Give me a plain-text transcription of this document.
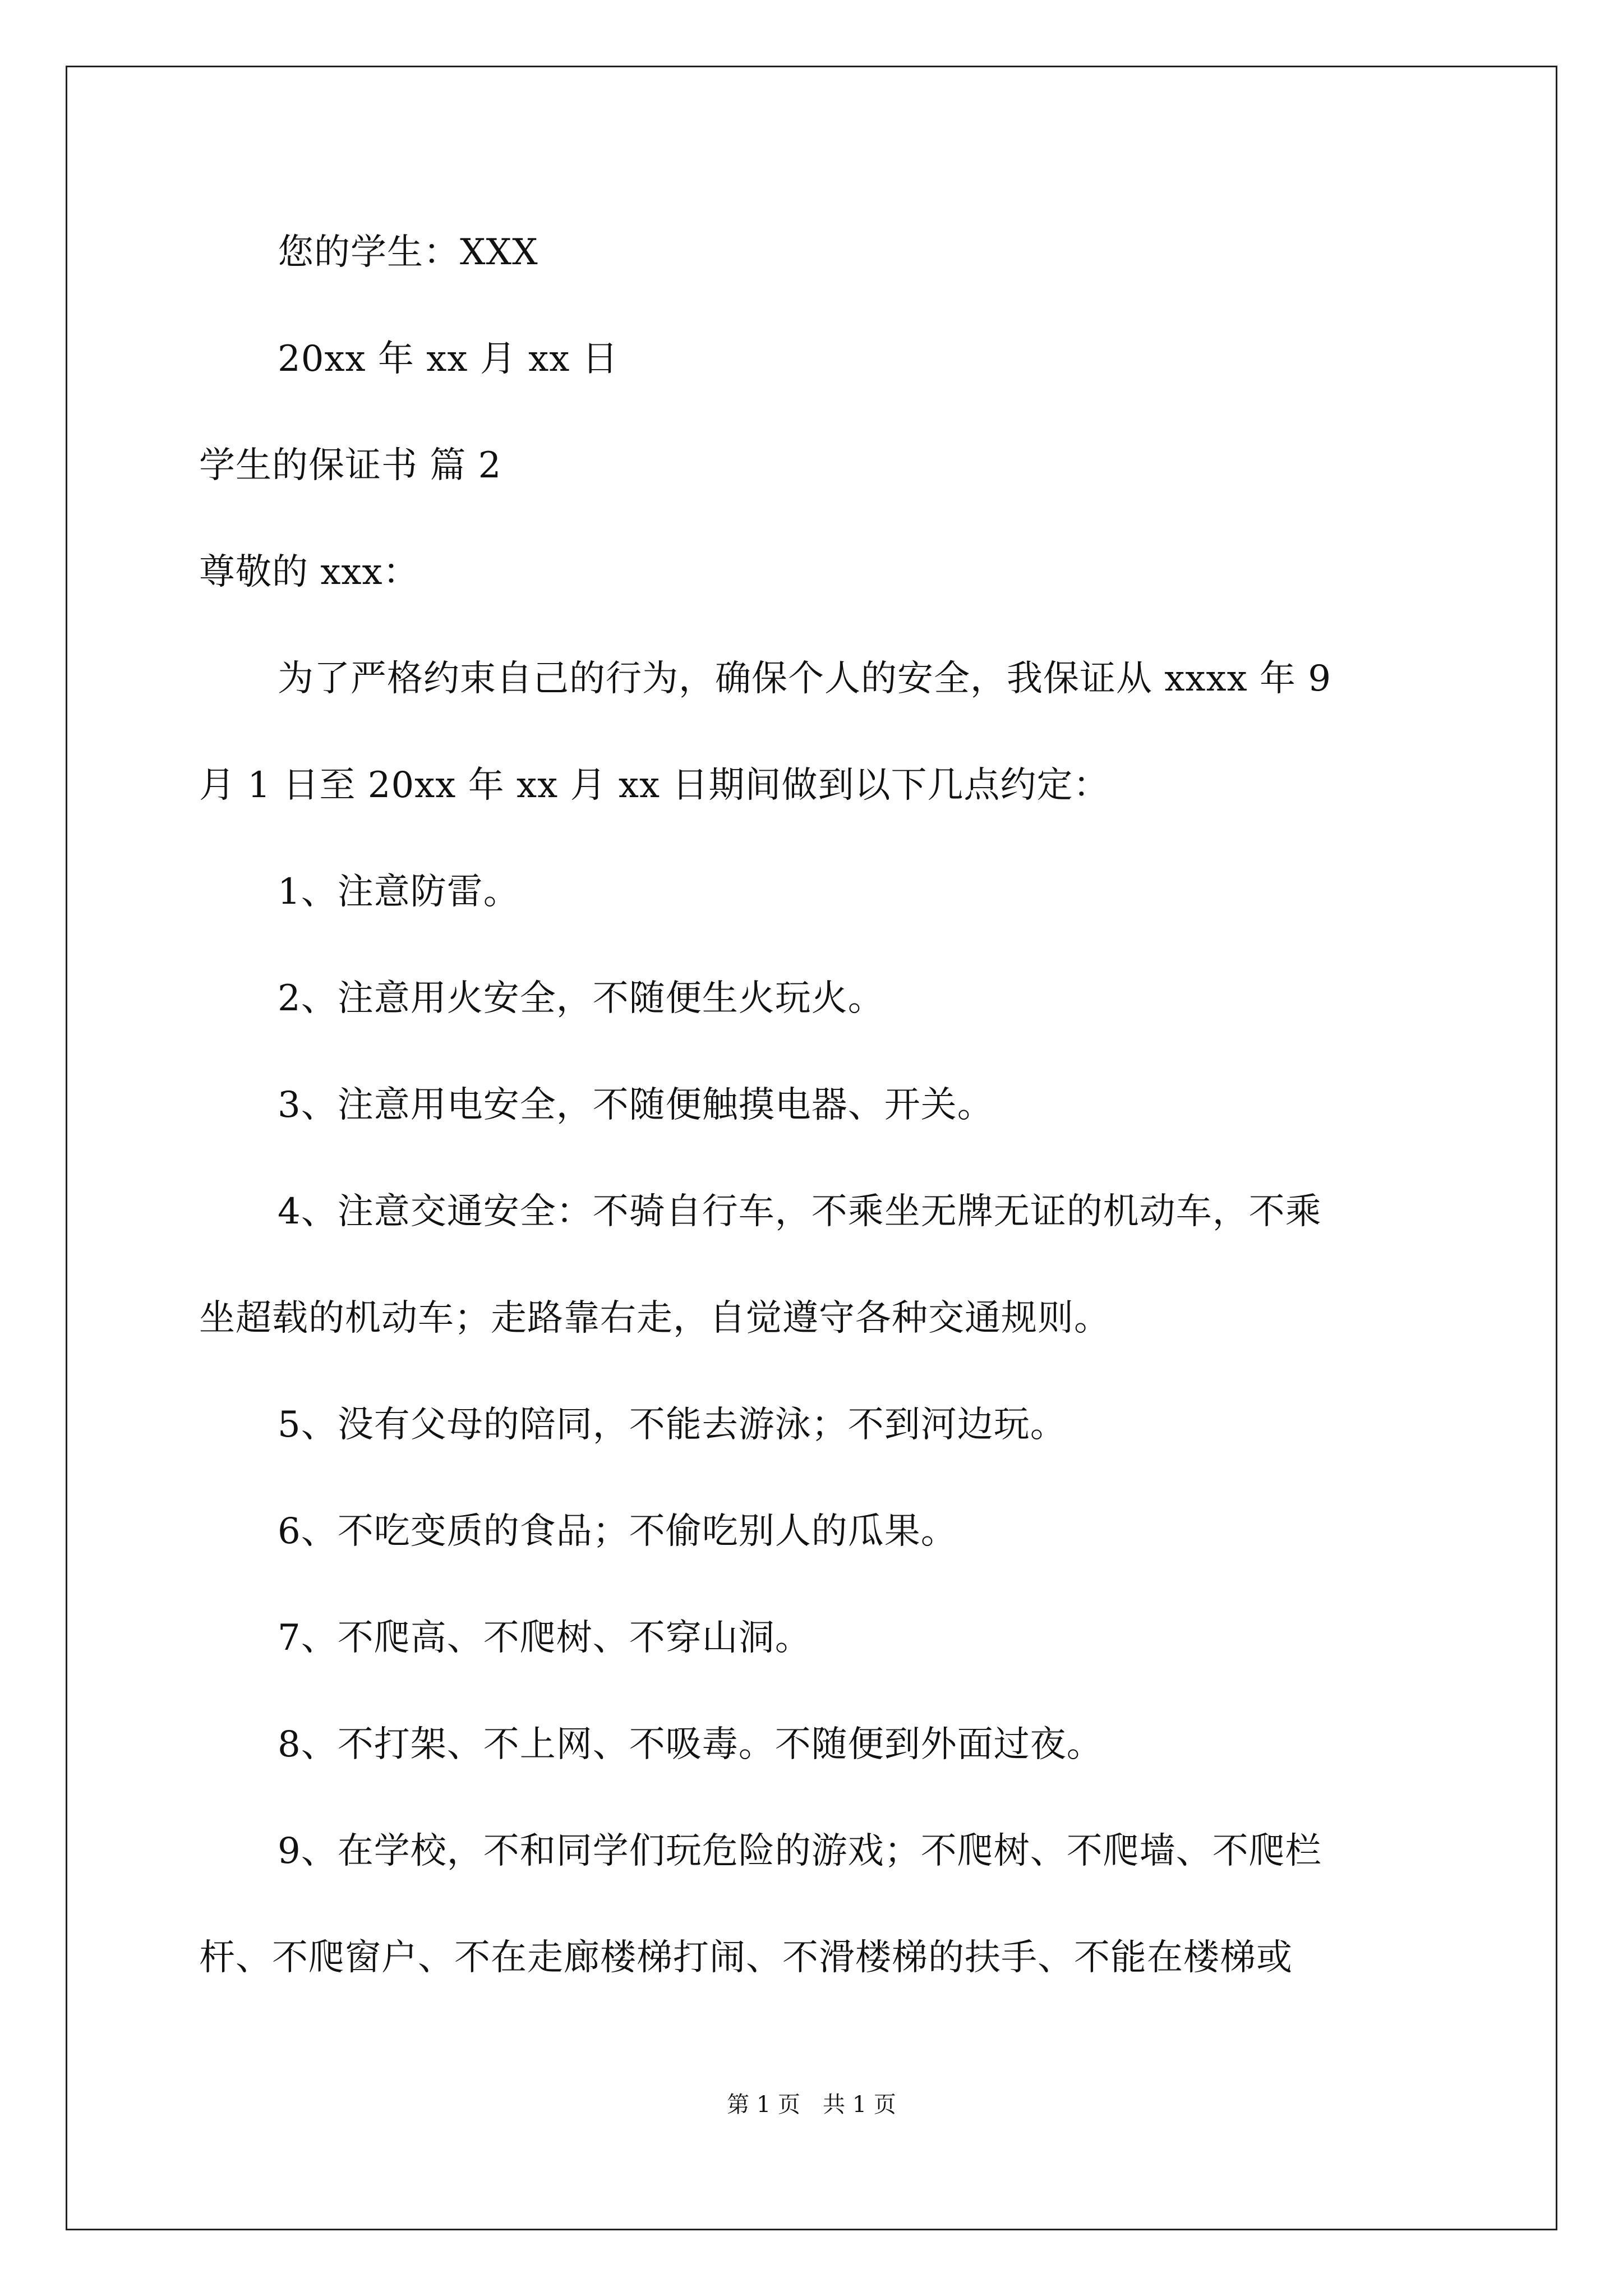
您的学生：XXX
20xx 年 xx 月 xx 日
学生的保证书 篇 2
尊敬的 xxx：
为了严格约束自己的行为，确保个人的安全，我保证从 xxxx 年 9
月 1 日至 20xx 年 xx 月 xx 日期间做到以下几点约定：
1、注意防雷。
2、注意用火安全，不随便生火玩火。
3、注意用电安全，不随便触摸电器、开关。
4、注意交通安全：不骑自行车，不乘坐无牌无证的机动车，不乘
坐超载的机动车；走路靠右走，自觉遵守各种交通规则。
5、没有父母的陪同，不能去游泳；不到河边玩。
6、不吃变质的食品；不偷吃别人的瓜果。
7、不爬高、不爬树、不穿山洞。
8、不打架、不上网、不吸毒。不随便到外面过夜。
9、在学校，不和同学们玩危险的游戏；不爬树、不爬墙、不爬栏
杆、不爬窗户、不在走廊楼梯打闹、不滑楼梯的扶手、不能在楼梯或
第 1 页　共 1 页
